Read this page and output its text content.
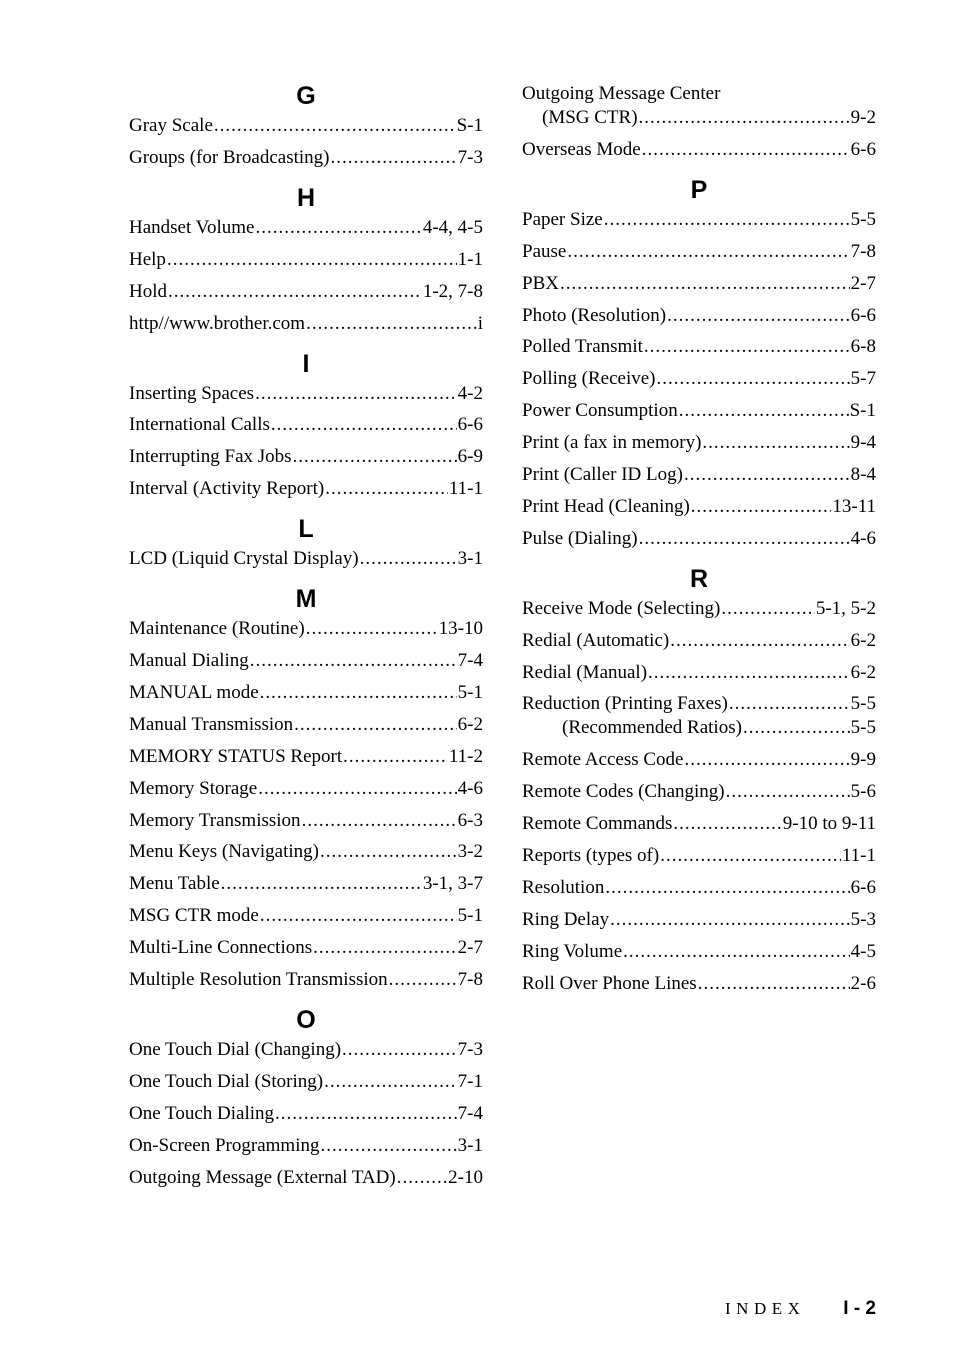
G
Gray Scale .....	S-1
Groups (for Broadcasting) .....	7-3
H
Handset Volume .....	4-4, 4-5
Help .....	1-1
Hold .....	1-2, 7-8
http//www.brother.com .....	i
I
Inserting Spaces .....	4-2
International Calls .....	6-6
Interrupting Fax Jobs .....	6-9
Interval (Activity Report) .....	11-1
L
LCD (Liquid Crystal Display) .....	3-1
M
Maintenance (Routine) .....	13-10
Manual Dialing .....	7-4
MANUAL mode .....	5-1
Manual Transmission .....	6-2
MEMORY STATUS Report .....	11-2
Memory Storage .....	4-6
Memory Transmission .....	6-3
Menu Keys (Navigating) .....	3-2
Menu Table .....	3-1, 3-7
MSG CTR mode .....	5-1
Multi-Line Connections .....	2-7
Multiple Resolution Transmission .....	7-8
O
One Touch Dial (Changing) .....	7-3
One Touch Dial (Storing) .....	7-1
One Touch Dialing .....	7-4
On-Screen Programming .....	3-1
Outgoing Message (External TAD) .....	2-10
Outgoing Message Center
(MSG CTR) .....	9-2
Overseas Mode .....	6-6
P
Paper Size .....	5-5
Pause .....	7-8
PBX .....	2-7
Photo (Resolution) .....	6-6
Polled Transmit .....	6-8
Polling (Receive) .....	5-7
Power Consumption .....	S-1
Print (a fax in memory) .....	9-4
Print (Caller ID Log) .....	8-4
Print Head (Cleaning) .....	13-11
Pulse (Dialing) .....	4-6
R
Receive Mode (Selecting) .....	5-1, 5-2
Redial (Automatic) .....	6-2
Redial (Manual) .....	6-2
Reduction (Printing Faxes) .....	5-5
(Recommended Ratios) .....	5-5
Remote Access Code .....	9-9
Remote Codes (Changing) .....	5-6
Remote Commands .....	9-10 to 9-11
Reports (types of) .....	11-1
Resolution .....	6-6
Ring Delay .....	5-3
Ring Volume .....	4-5
Roll Over Phone Lines .....	2-6
INDEX I - 2
